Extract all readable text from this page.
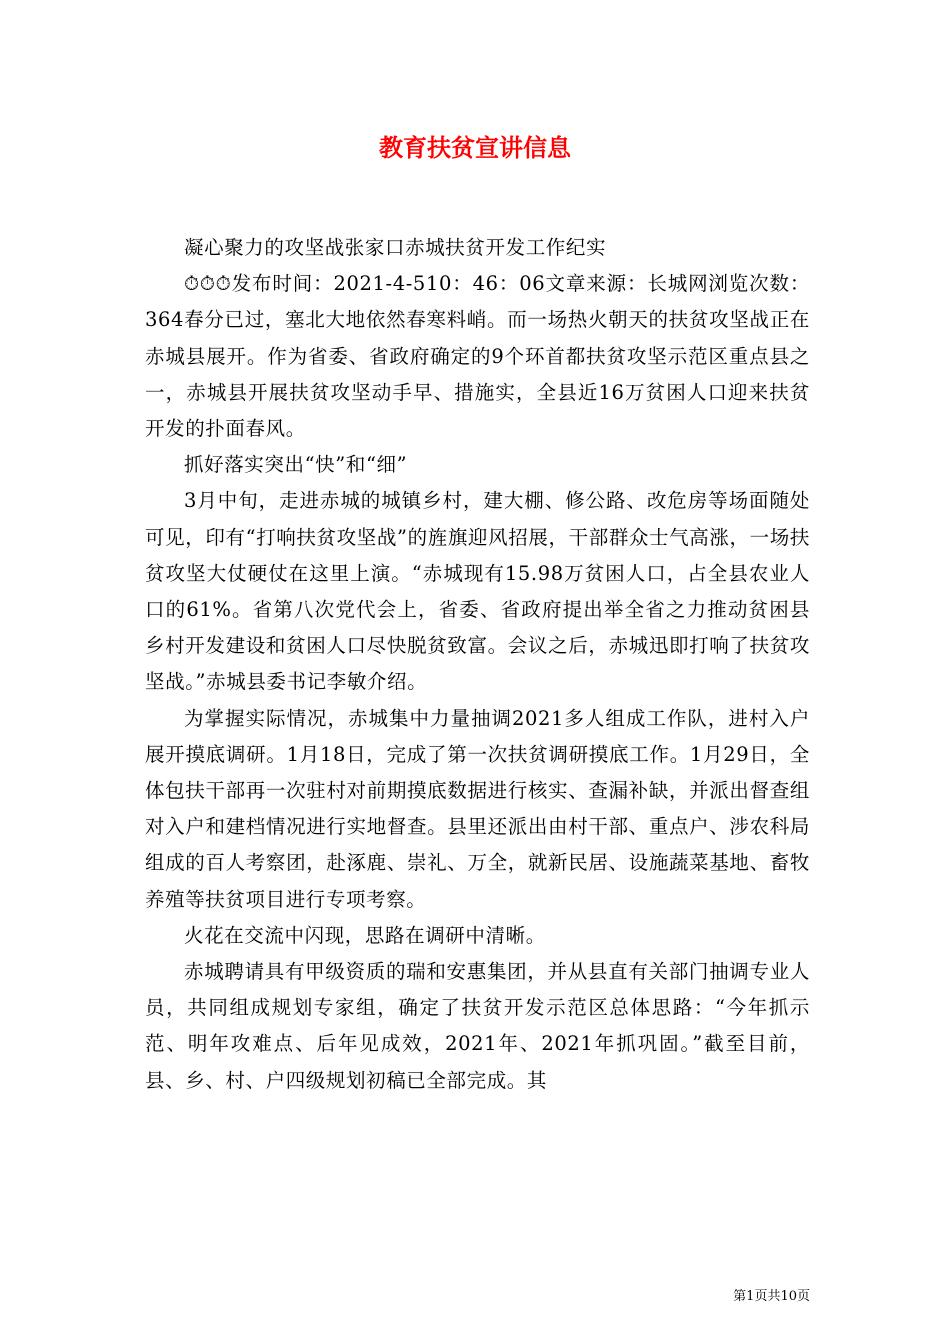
教育扶贫宣讲信息

凝心聚力的攻坚战张家口赤城扶贫开发工作纪实

⏱⏱⏱发布时间：2021-4-510：46：06文章来源：长城网浏览次数：364春分已过，塞北大地依然春寒料峭。而一场热火朝天的扶贫攻坚战正在赤城县展开。作为省委、省政府确定的9个环首都扶贫攻坚示范区重点县之一，赤城县开展扶贫攻坚动手早、措施实，全县近16万贫困人口迎来扶贫开发的扑面春风。

抓好落实突出“快”和“细”

3月中旬，走进赤城的城镇乡村，建大棚、修公路、改危房等场面随处可见，印有“打响扶贫攻坚战”的旌旗迎风招展，干部群众士气高涨，一场扶贫攻坚大仗硬仗在这里上演。“赤城现有15.98万贫困人口，占全县农业人口的61%。省第八次党代会上，省委、省政府提出举全省之力推动贫困县乡村开发建设和贫困人口尽快脱贫致富。会议之后，赤城迅即打响了扶贫攻坚战。”赤城县委书记李敏介绍。

为掌握实际情况，赤城集中力量抽调2021多人组成工作队，进村入户展开摸底调研。1月18日，完成了第一次扶贫调研摸底工作。1月29日，全体包扶干部再一次驻村对前期摸底数据进行核实、查漏补缺，并派出督查组对入户和建档情况进行实地督查。县里还派出由村干部、重点户、涉农科局组成的百人考察团，赴涿鹿、崇礼、万全，就新民居、设施蔬菜基地、畜牧养殖等扶贫项目进行专项考察。

火花在交流中闪现，思路在调研中清晰。

赤城聘请具有甲级资质的瑞和安惠集团，并从县直有关部门抽调专业人员，共同组成规划专家组，确定了扶贫开发示范区总体思路：“今年抓示范、明年攻难点、后年见成效，2021年、2021年抓巩固。”截至目前，县、乡、村、户四级规划初稿已全部完成。其

第1页共10页
